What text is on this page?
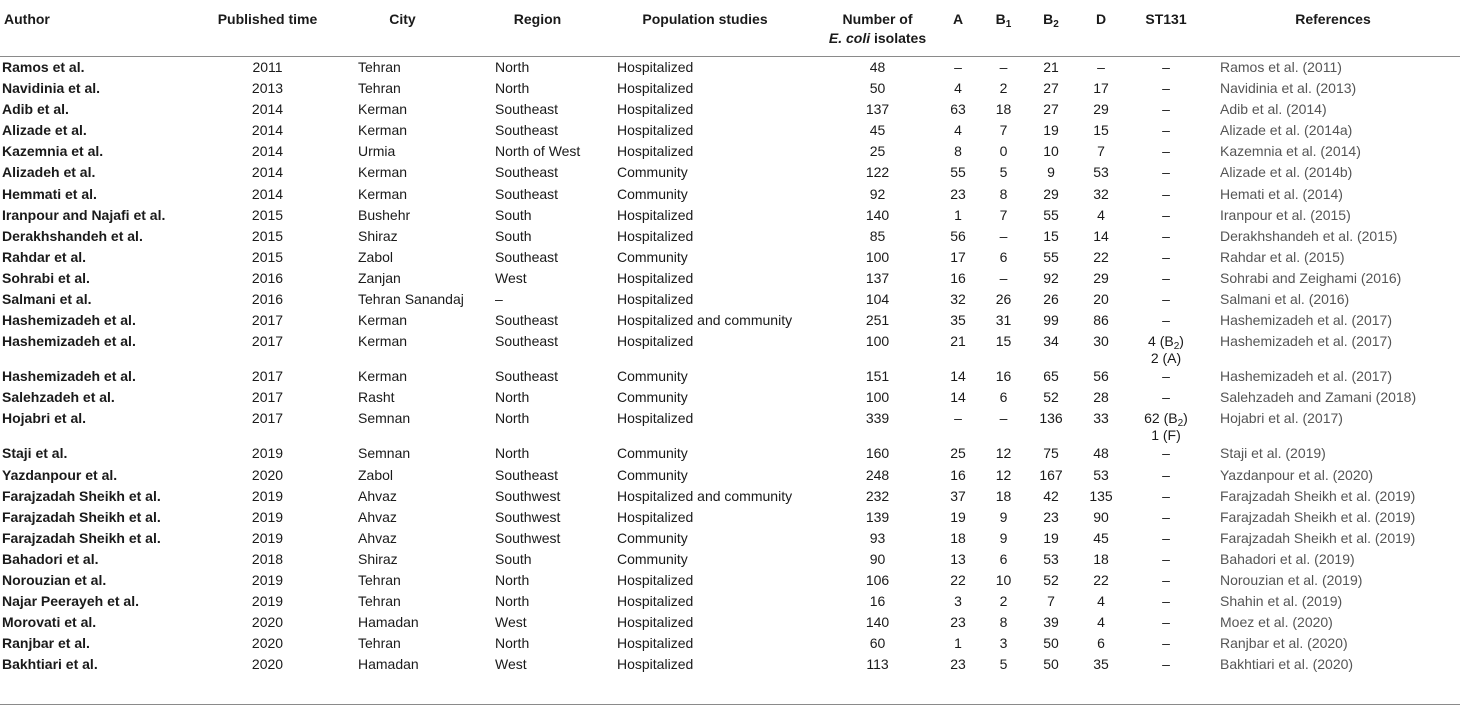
Author	Published time	City	Region	Population studies	Number of
E. coli isolates	A	$B_1$	$B_2$	D	ST131	References
Ramos et al.	2011	Tehran	North	Hospitalized	48	–	–	21	–	–	Ramos et al. (2011)
Navidinia et al.	2013	Tehran	North	Hospitalized	50	4	2	27	17	–	Navidinia et al. (2013)
Adib et al.	2014	Kerman	Southeast	Hospitalized	137	63	18	27	29	–	Adib et al. (2014)
Alizade et al.	2014	Kerman	Southeast	Hospitalized	45	4	7	19	15	–	Alizade et al. (2014a)
Kazemnia et al.	2014	Urmia	North of West	Hospitalized	25	8	0	10	7	–	Kazemnia et al. (2014)
Alizadeh et al.	2014	Kerman	Southeast	Community	122	55	5	9	53	–	Alizade et al. (2014b)
Hemmati et al.	2014	Kerman	Southeast	Community	92	23	8	29	32	–	Hemati et al. (2014)
Iranpour and Najafi et al.	2015	Bushehr	South	Hospitalized	140	1	7	55	4	–	Iranpour et al. (2015)
Derakhshandeh et al.	2015	Shiraz	South	Hospitalized	85	56	–	15	14	–	Derakhshandeh et al. (2015)
Rahdar et al.	2015	Zabol	Southeast	Community	100	17	6	55	22	–	Rahdar et al. (2015)
Sohrabi et al.	2016	Zanjan	West	Hospitalized	137	16	–	92	29	–	Sohrabi and Zeighami (2016)
Salmani et al.	2016	Tehran Sanandaj	–	Hospitalized	104	32	26	26	20	–	Salmani et al. (2016)
Hashemizadeh et al.	2017	Kerman	Southeast	Hospitalized and community	251	35	31	99	86	–	Hashemizadeh et al. (2017)
Hashemizadeh et al.	2017	Kerman	Southeast	Hospitalized	100	21	15	34	30	4 $(B_2)$
2 (A)	Hashemizadeh et al. (2017)
Hashemizadeh et al.	2017	Kerman	Southeast	Community	151	14	16	65	56	–	Hashemizadeh et al. (2017)
Salehzadeh et al.	2017	Rasht	North	Community	100	14	6	52	28	–	Salehzadeh and Zamani (2018)
Hojabri et al.	2017	Semnan	North	Hospitalized	339	–	–	136	33	62 $(B_2)$
1 (F)	Hojabri et al. (2017)
Staji et al.	2019	Semnan	North	Community	160	25	12	75	48	–	Staji et al. (2019)
Yazdanpour et al.	2020	Zabol	Southeast	Community	248	16	12	167	53	–	Yazdanpour et al. (2020)
Farajzadah Sheikh et al.	2019	Ahvaz	Southwest	Hospitalized and community	232	37	18	42	135	–	Farajzadah Sheikh et al. (2019)
Farajzadah Sheikh et al.	2019	Ahvaz	Southwest	Hospitalized	139	19	9	23	90	–	Farajzadah Sheikh et al. (2019)
Farajzadah Sheikh et al.	2019	Ahvaz	Southwest	Community	93	18	9	19	45	–	Farajzadah Sheikh et al. (2019)
Bahadori et al.	2018	Shiraz	South	Community	90	13	6	53	18	–	Bahadori et al. (2019)
Norouzian et al.	2019	Tehran	North	Hospitalized	106	22	10	52	22	–	Norouzian et al. (2019)
Najar Peerayeh et al.	2019	Tehran	North	Hospitalized	16	3	2	7	4	–	Shahin et al. (2019)
Morovati et al.	2020	Hamadan	West	Hospitalized	140	23	8	39	4	–	Moez et al. (2020)
Ranjbar et al.	2020	Tehran	North	Hospitalized	60	1	3	50	6	–	Ranjbar et al. (2020)
Bakhtiari et al.	2020	Hamadan	West	Hospitalized	113	23	5	50	35	–	Bakhtiari et al. (2020)
